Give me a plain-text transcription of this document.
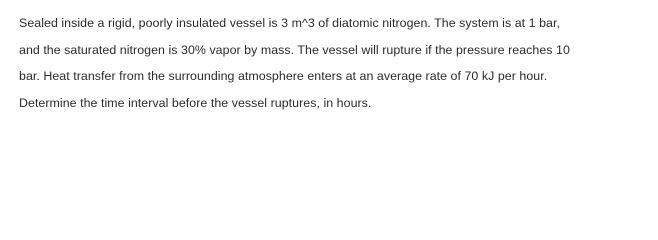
Sealed inside a rigid, poorly insulated vessel is 3 m^3 of diatomic nitrogen. The system is at 1 bar,
and the saturated nitrogen is 30% vapor by mass. The vessel will rupture if the pressure reaches 10
bar. Heat transfer from the surrounding atmosphere enters at an average rate of 70 kJ per hour.
Determine the time interval before the vessel ruptures, in hours.
